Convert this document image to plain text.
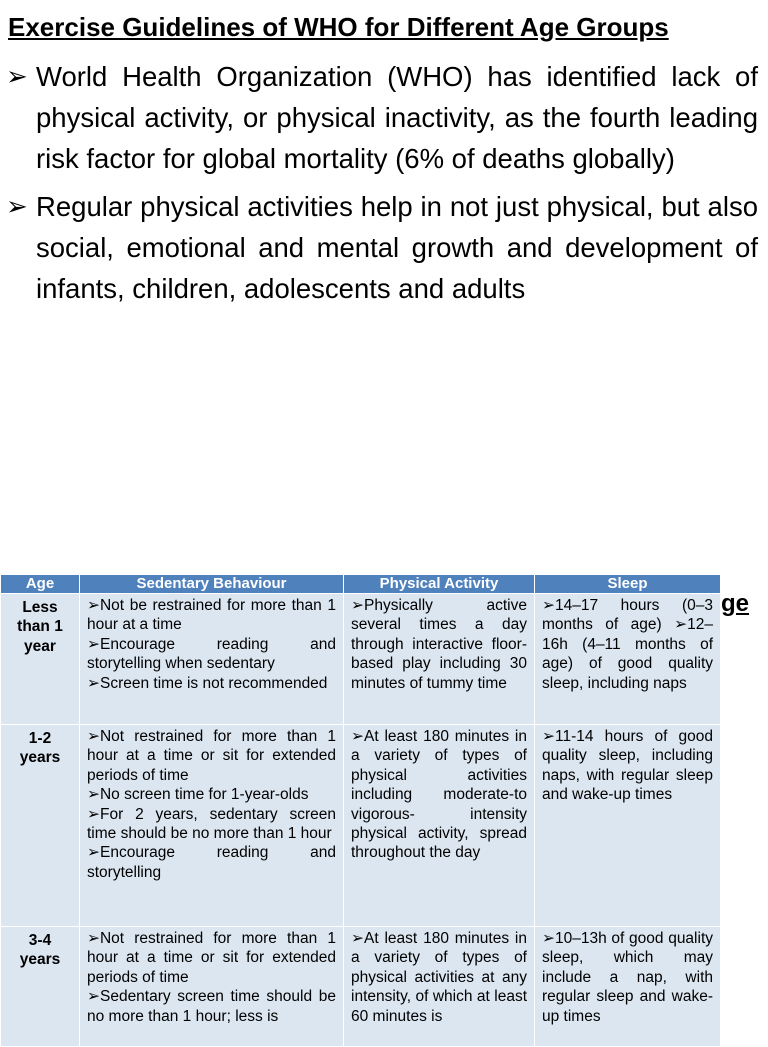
Exercise Guidelines of WHO for Different Age Groups
➢ World Health Organization (WHO) has identified lack of physical activity, or physical inactivity, as the fourth leading risk factor for global mortality (6% of deaths globally)
➢ Regular physical activities help in not just physical, but also social, emotional and mental growth and development of infants, children, adolescents and adults
ge
Age	Sedentary Behaviour	Physical Activity	Sleep
Less than 1 year	➢Not be restrained for more than 1 hour at a time

➢Encourage reading and storytelling when sedentary

➢Screen time is not recommended	➢Physically active several times a day through interactive floor-based play including 30 minutes of tummy time	➢14–17 hours (0–3 months of age) ➢12–16h (4–11 months of age) of good quality sleep, including naps
1-2 years	➢Not restrained for more than 1 hour at a time or sit for extended periods of time

➢No screen time for 1-year-olds

➢For 2 years, sedentary screen time should be no more than 1 hour

➢Encourage reading and storytelling	➢At least 180 minutes in a variety of types of physical activities including moderate-to vigorous- intensity physical activity, spread throughout the day	➢11-14 hours of good quality sleep, including naps, with regular sleep and wake-up times
3-4 years	➢Not restrained for more than 1 hour at a time or sit for extended periods of time

➢Sedentary screen time should be no more than 1 hour; less is	➢At least 180 minutes in a variety of types of physical activities at any intensity, of which at least 60 minutes is	➢10–13h of good quality sleep, which may include a nap, with regular sleep and wake-up times
